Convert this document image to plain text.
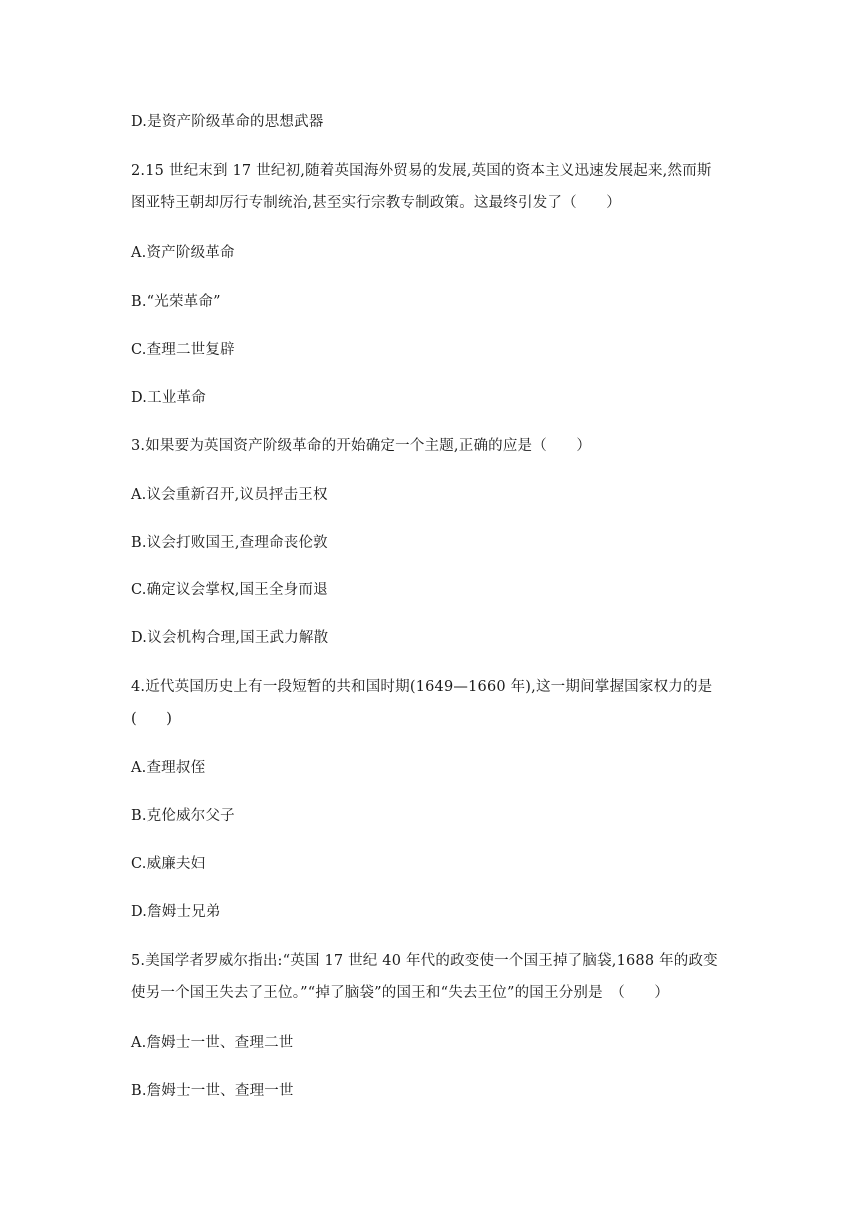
D.是资产阶级革命的思想武器
2.15 世纪末到 17 世纪初,随着英国海外贸易的发展,英国的资本主义迅速发展起来,然而斯
图亚特王朝却厉行专制统治,甚至实行宗教专制政策。这最终引发了（　　）
A.资产阶级革命
B.“光荣革命”
C.查理二世复辟
D.工业革命
3.如果要为英国资产阶级革命的开始确定一个主题,正确的应是（　　）
A.议会重新召开,议员抨击王权
B.议会打败国王,查理命丧伦敦
C.确定议会掌权,国王全身而退
D.议会机构合理,国王武力解散
4.近代英国历史上有一段短暂的共和国时期(1649—1660 年),这一期间掌握国家权力的是
(　　)
A.查理叔侄
B.克伦威尔父子
C.威廉夫妇
D.詹姆士兄弟
5.美国学者罗威尔指出:“英国 17 世纪 40 年代的政变使一个国王掉了脑袋,1688 年的政变
使另一个国王失去了王位。”“掉了脑袋”的国王和“失去王位”的国王分别是　（　　）
A.詹姆士一世、查理二世
B.詹姆士一世、查理一世
